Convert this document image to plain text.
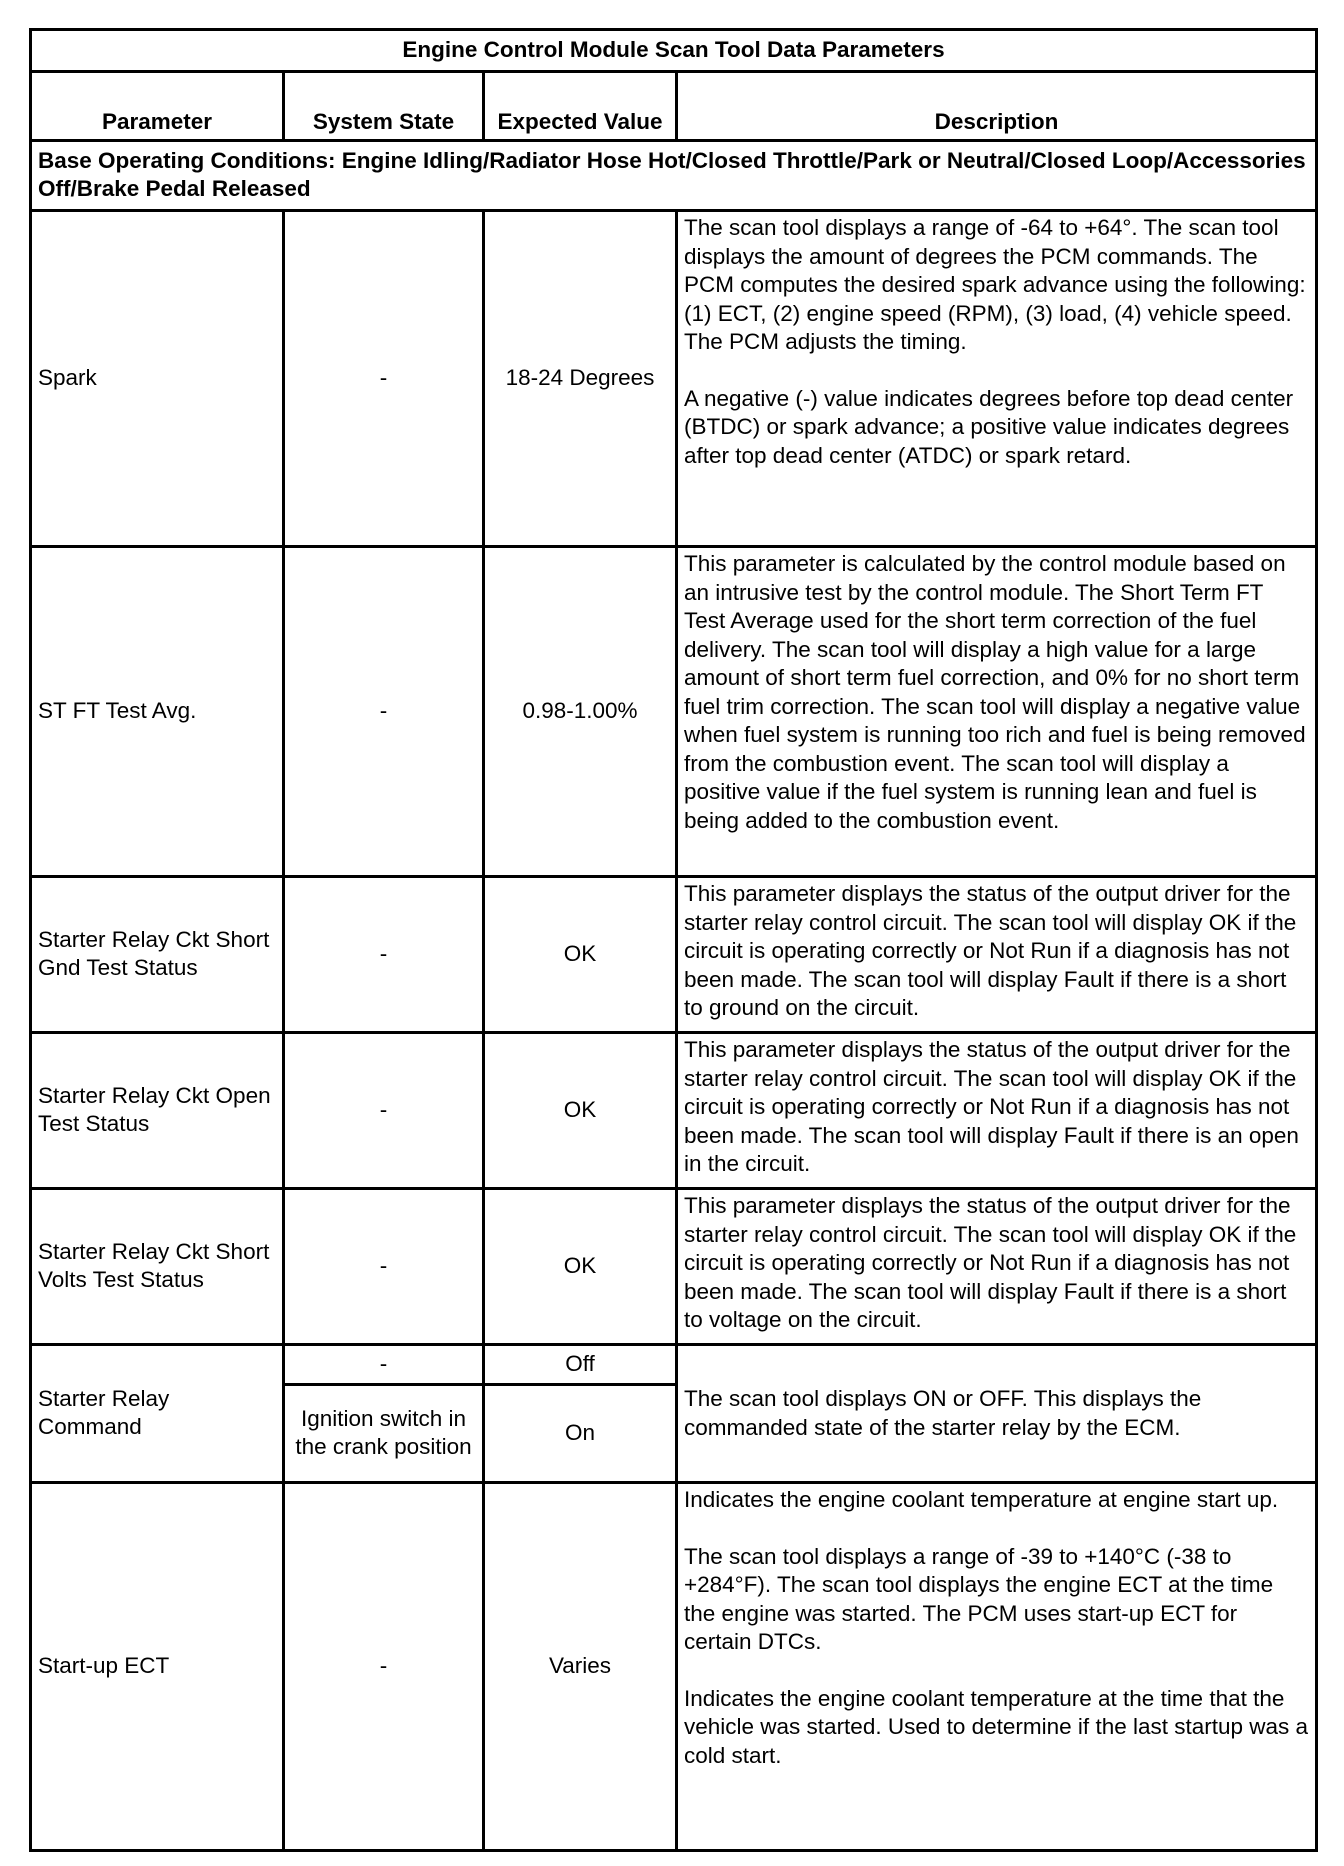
Engine Control Module Scan Tool Data Parameters			
Parameter	System State	Expected Value	Description
Base Operating Conditions: Engine Idling/Radiator Hose Hot/Closed Throttle/Park or Neutral/Closed Loop/Accessories Off/Brake Pedal Released			
Spark	-	18-24 Degrees	The scan tool displays a range of -64 to +64°. The scan tool displays the amount of degrees the PCM commands. The PCM computes the desired spark advance using the following: (1) ECT, (2) engine speed (RPM), (3) load, (4) vehicle speed. The PCM adjusts the timing.

A negative (-) value indicates degrees before top dead center (BTDC) or spark advance; a positive value indicates degrees after top dead center (ATDC) or spark retard.

ST FT Test Avg.	-	0.98-1.00%	This parameter is calculated by the control module based on an intrusive test by the control module. The Short Term FT Test Average used for the short term correction of the fuel delivery. The scan tool will display a high value for a large amount of short term fuel correction, and 0% for no short term fuel trim correction. The scan tool will display a negative value when fuel system is running too rich and fuel is being removed from the combustion event. The scan tool will display a positive value if the fuel system is running lean and fuel is being added to the combustion event.

Starter Relay Ckt Short Gnd Test Status	-	OK	This parameter displays the status of the output driver for the starter relay control circuit. The scan tool will display OK if the circuit is operating correctly or Not Run if a diagnosis has not been made. The scan tool will display Fault if there is a short to ground on the circuit.

Starter Relay Ckt Open Test Status	-	OK	This parameter displays the status of the output driver for the starter relay control circuit. The scan tool will display OK if the circuit is operating correctly or Not Run if a diagnosis has not been made. The scan tool will display Fault if there is an open in the circuit.

Starter Relay Ckt Short Volts Test Status	-	OK	This parameter displays the status of the output driver for the starter relay control circuit. The scan tool will display OK if the circuit is operating correctly or Not Run if a diagnosis has not been made. The scan tool will display Fault if there is a short to voltage on the circuit.

Starter Relay Command	-	Off	The scan tool displays ON or OFF. This displays the commanded state of the starter relay by the ECM.

	Ignition switch in the crank position	On	
Start-up ECT	-	Varies	Indicates the engine coolant temperature at engine start up.

The scan tool displays a range of -39 to +140°C (-38 to +284°F). The scan tool displays the engine ECT at the time the engine was started. The PCM uses start-up ECT for certain DTCs.

Indicates the engine coolant temperature at the time that the vehicle was started. Used to determine if the last startup was a cold start.
